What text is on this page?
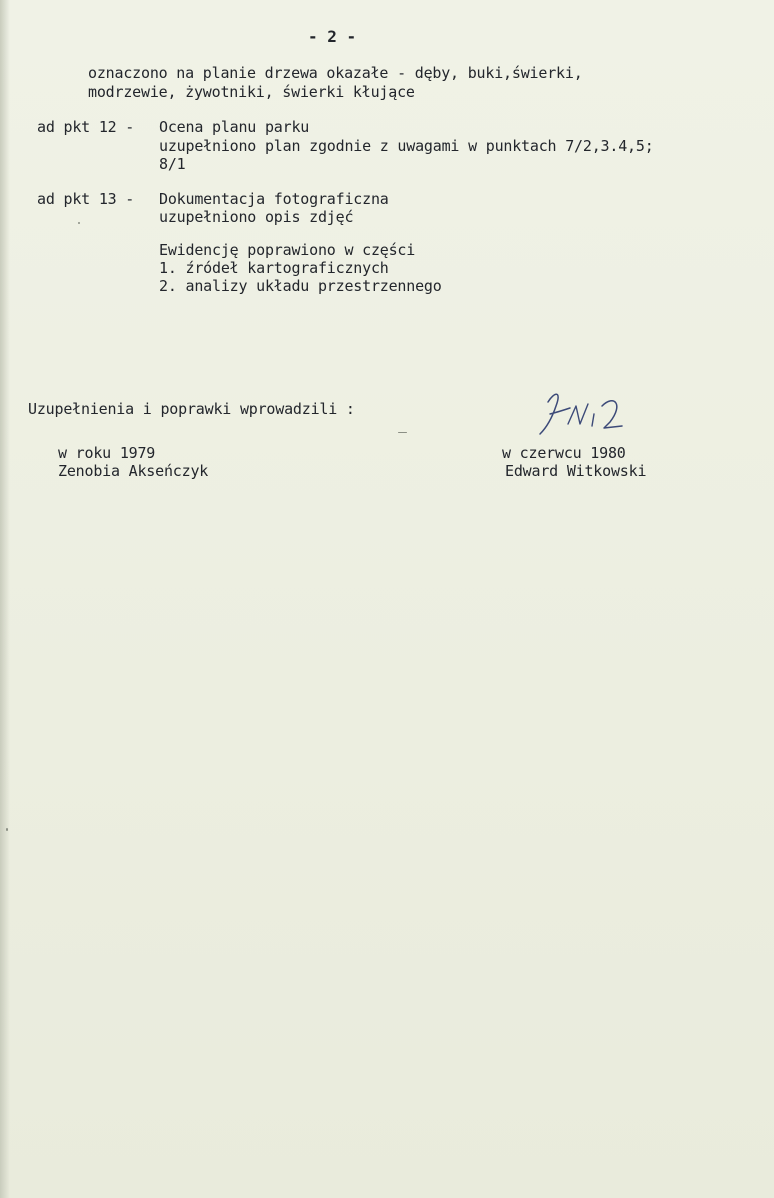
- 2 -
oznaczono na planie drzewa okazałe - dęby, buki,świerki,
modrzewie, żywotniki, świerki kłujące
ad pkt 12 - Ocena planu parku
uzupełniono plan zgodnie z uwagami w punktach 7/2,3.4,5;
8/1
ad pkt 13 - Dokumentacja fotograficzna
uzupełniono opis zdjęć
Ewidencję poprawiono w części
1. źródeł kartograficznych
2. analizy układu przestrzennego
Uzupełnienia i poprawki wprowadzili :
w roku 1979
Zenobia Akseńczyk
w czerwcu 1980
Edward Witkowski
